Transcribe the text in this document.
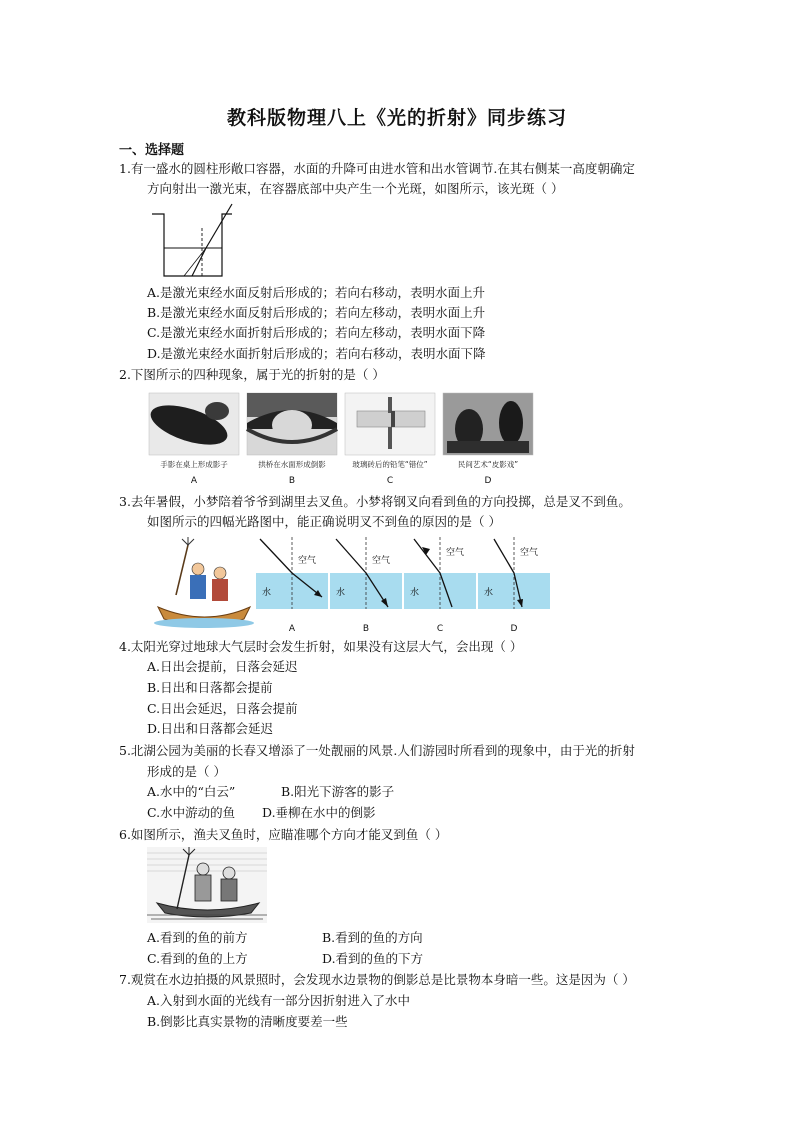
教科版物理八上《光的折射》同步练习
一、选择题
1.有一盛水的圆柱形敞口容器，水面的升降可由进水管和出水管调节.在其右侧某一高度朝确定
方向射出一激光束，在容器底部中央产生一个光斑，如图所示，该光斑（ ）
A.是激光束经水面反射后形成的；若向右移动，表明水面上升
B.是激光束经水面反射后形成的；若向左移动，表明水面上升
C.是激光束经水面折射后形成的；若向左移动，表明水面下降
D.是激光束经水面折射后形成的；若向右移动，表明水面下降
2.下图所示的四种现象，属于光的折射的是（ ）
手影在桌上形成影子	拱桥在水面形成倒影	玻璃砖后的铅笔“错位”	民间艺术“皮影戏”
A	B	C	D
3.去年暑假，小梦陪着爷爷到湖里去叉鱼。小梦将钢叉向看到鱼的方向投掷，总是叉不到鱼。
如图所示的四幅光路图中，能正确说明叉不到鱼的原因的是（ ）
空气
水
A
空气
水
B
空气
水
C
空气
水
D
4.太阳光穿过地球大气层时会发生折射，如果没有这层大气，会出现（ ）
A.日出会提前，日落会延迟
B.日出和日落都会提前
C.日出会延迟，日落会提前
D.日出和日落都会延迟
5.北湖公园为美丽的长春又增添了一处靓丽的风景.人们游园时所看到的现象中，由于光的折射
形成的是（ ）
A.水中的“白云”	B.阳光下游客的影子
C.水中游动的鱼 D.垂柳在水中的倒影
6.如图所示，渔夫叉鱼时，应瞄准哪个方向才能叉到鱼（ ）
A.看到的鱼的前方	B.看到的鱼的方向
C.看到的鱼的上方	D.看到的鱼的下方
7.观赏在水边拍摄的风景照时，会发现水边景物的倒影总是比景物本身暗一些。这是因为（ ）
A.入射到水面的光线有一部分因折射进入了水中
B.倒影比真实景物的清晰度要差一些
